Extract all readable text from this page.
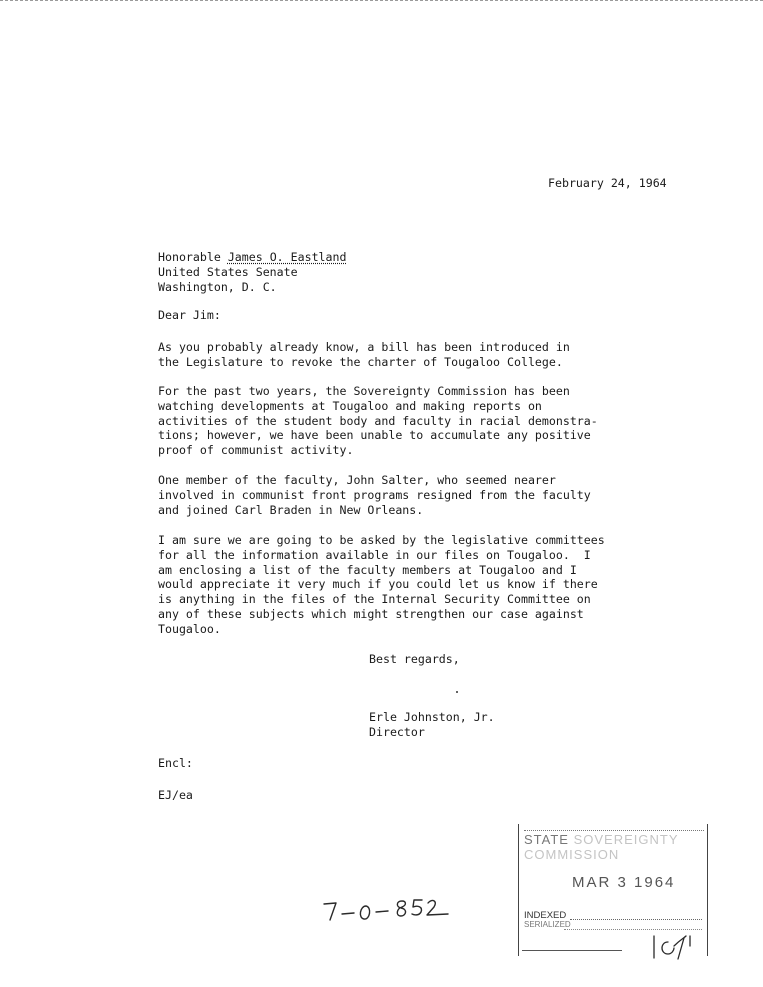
February 24, 1964
Honorable James O. Eastland
United States Senate
Washington, D. C.
Dear Jim:
As you probably already know, a bill has been introduced in
the Legislature to revoke the charter of Tougaloo College.
For the past two years, the Sovereignty Commission has been
watching developments at Tougaloo and making reports on
activities of the student body and faculty in racial demonstra-
tions; however, we have been unable to accumulate any positive
proof of communist activity.
One member of the faculty, John Salter, who seemed nearer
involved in communist front programs resigned from the faculty
and joined Carl Braden in New Orleans.
I am sure we are going to be asked by the legislative committees
for all the information available in our files on Tougaloo.  I
am enclosing a list of the faculty members at Tougaloo and I
would appreciate it very much if you could let us know if there
is anything in the files of the Internal Security Committee on
any of these subjects which might strengthen our case against
Tougaloo.
Best regards,
Erle Johnston, Jr.
Director
Encl:
EJ/ea
STATE SOVEREIGNTY COMMISSION
MAR 3 1964
INDEXED
SERIALIZED
